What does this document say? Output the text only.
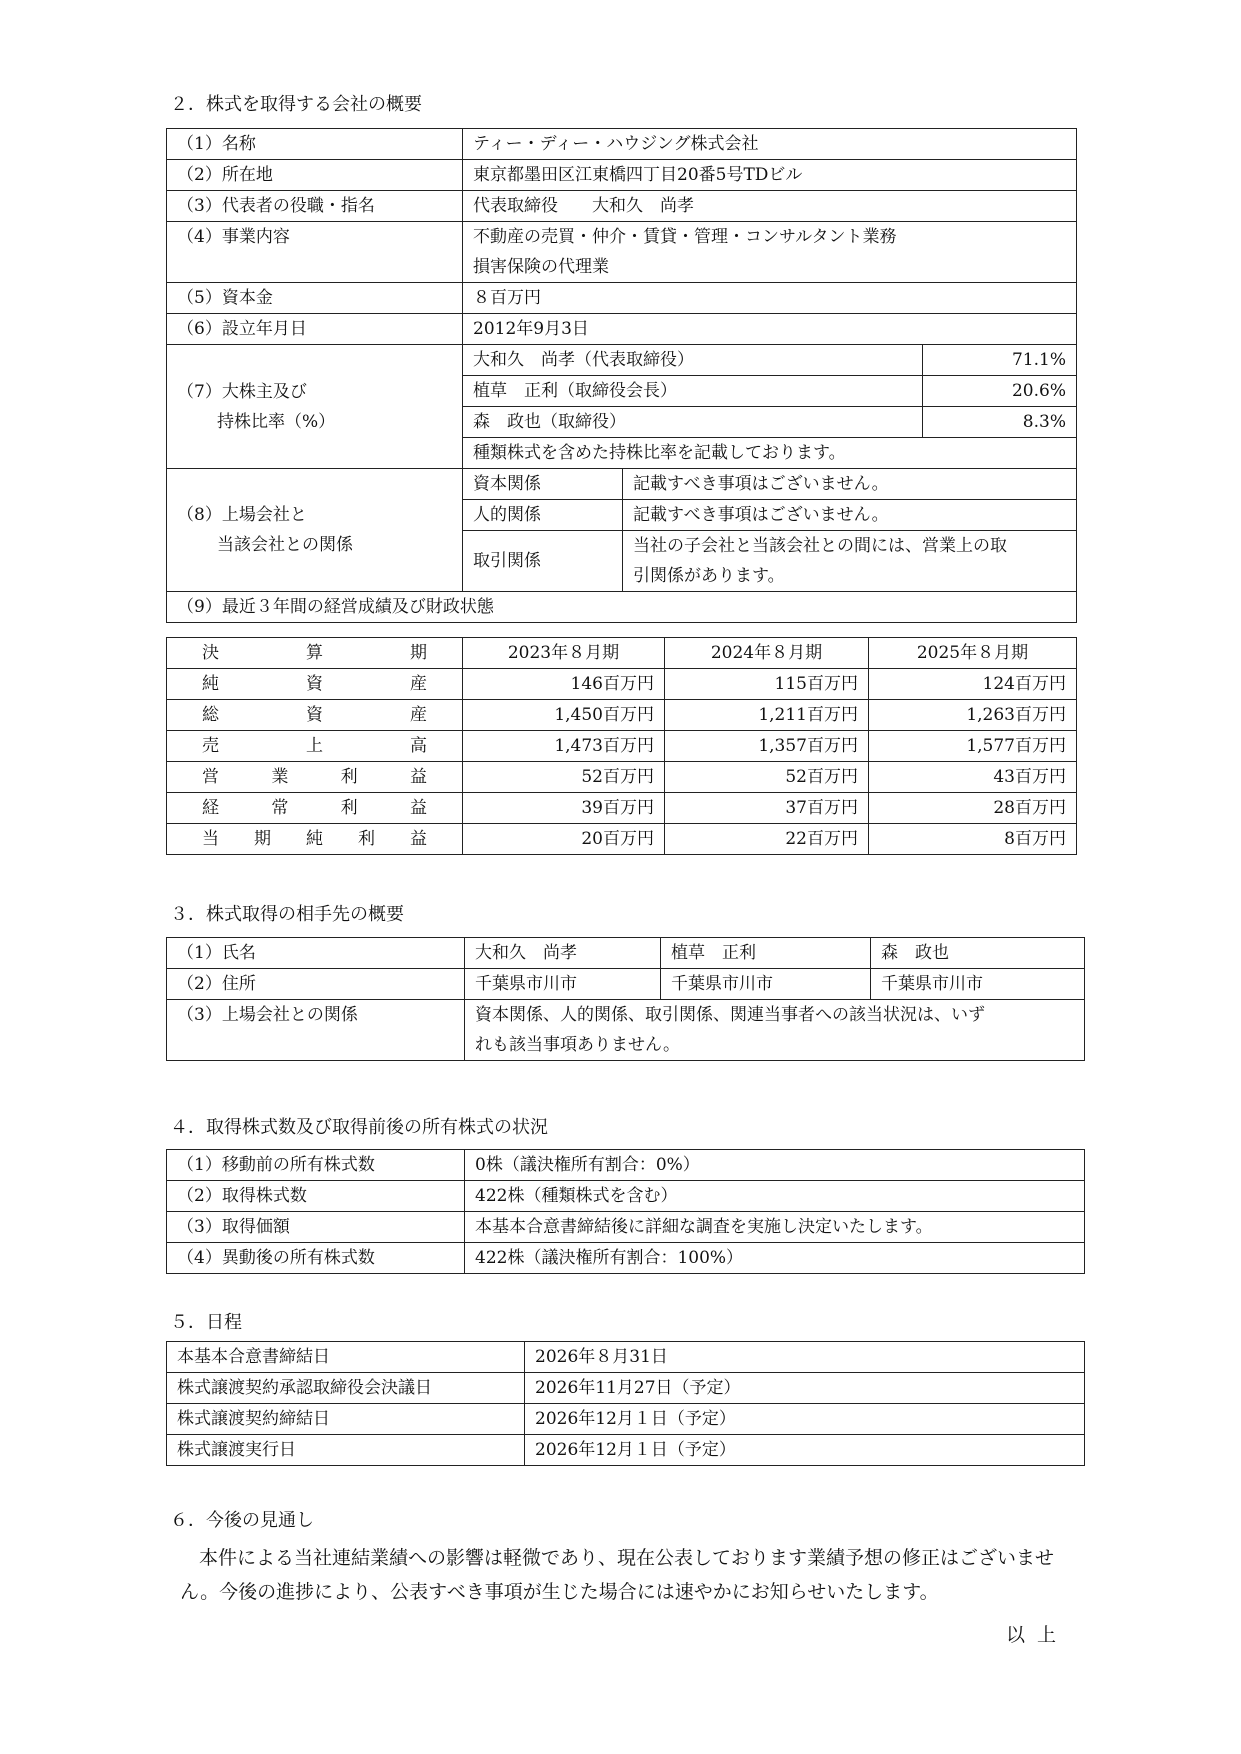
２．株式を取得する会社の概要
（1）名称	ティー・ディー・ハウジング株式会社		
（2）所在地	東京都墨田区江東橋四丁目20番5号TDビル		
（3）代表者の役職・指名	代表取締役　　大和久　尚孝		
（4）事業内容	不動産の売買・仲介・賃貸・管理・コンサルタント業務
損害保険の代理業		

（5）資本金	８百万円		
（6）設立年月日	2012年9月3日		

（7）大株主及び
持株比率（%）	大和久　尚孝（代表取締役）		71.1%
	植草　正利（取締役会長）		20.6%
	森　政也（取締役）		8.3%
	種類株式を含めた持株比率を記載しております。		

（8）上場会社と
当該会社との関係	資本関係	記載すべき事項はございません。	
	人的関係	記載すべき事項はございません。	
	取引関係	当社の子会社と当該会社との間には、営業上の取
引関係があります。	

（9）最近３年間の経営成績及び財政状態			
決 算 期	2023年８月期	2024年８月期	2025年８月期

純 資 産	146百万円	115百万円	124百万円

総 資 産	1,450百万円	1,211百万円	1,263百万円

売 上 高	1,473百万円	1,357百万円	1,577百万円

営 業 利 益	52百万円	52百万円	43百万円

経 常 利 益	39百万円	37百万円	28百万円

当 期 純 利 益	20百万円	22百万円	8百万円
３．株式取得の相手先の概要
（1）氏名	大和久　尚孝	植草　正利	森　政也
（2）住所	千葉県市川市	千葉県市川市	千葉県市川市
（3）上場会社との関係	資本関係、人的関係、取引関係、関連当事者への該当状況は、いず
れも該当事項ありません。		
４．取得株式数及び取得前後の所有株式の状況
（1）移動前の所有株式数	0株（議決権所有割合：0%）
（2）取得株式数	422株（種類株式を含む）
（3）取得価額	本基本合意書締結後に詳細な調査を実施し決定いたします。
（4）異動後の所有株式数	422株（議決権所有割合：100%）
５．日程
本基本合意書締結日	2026年８月31日
株式譲渡契約承認取締役会決議日	2026年11月27日（予定）
株式譲渡契約締結日	2026年12月１日（予定）
株式譲渡実行日	2026年12月１日（予定）
６．今後の見通し
本件による当社連結業績への影響は軽微であり、現在公表しております業績予想の修正はございません。今後の進捗により、公表すべき事項が生じた場合には速やかにお知らせいたします。
以上
